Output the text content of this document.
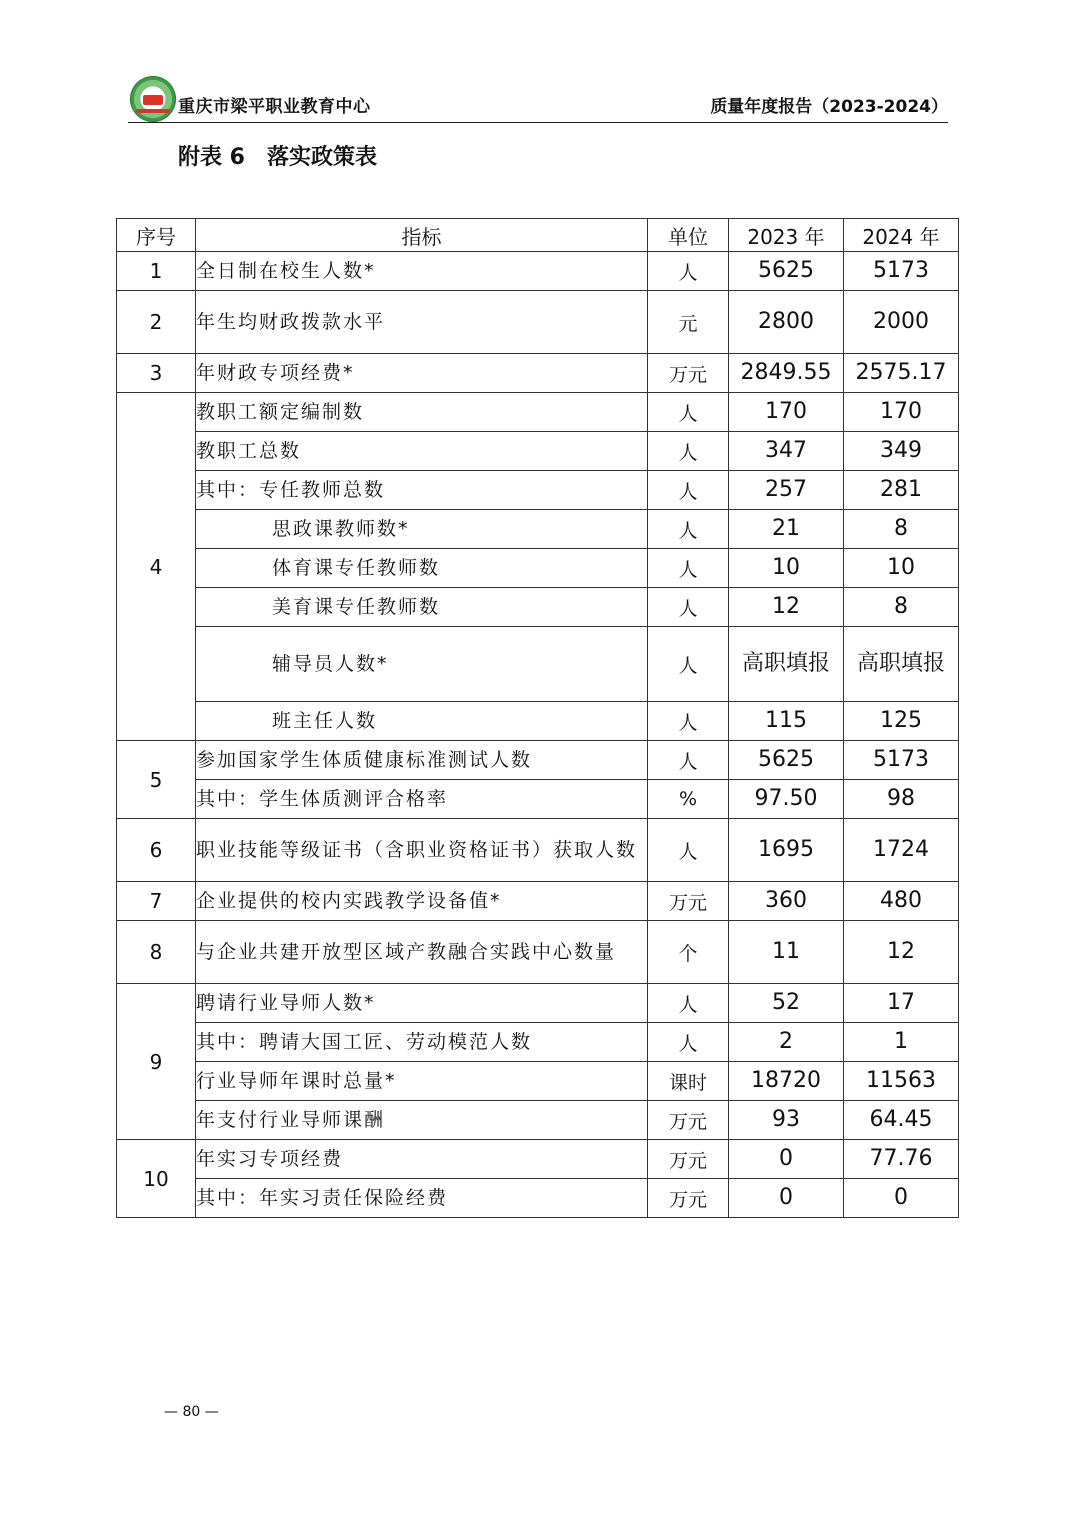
重庆市梁平职业教育中心	质量年度报告（2023-2024）
附表 6　落实政策表
序号	指标	单位	2023 年	2024 年
1	全日制在校生人数*	人	5625	5173
2	年生均财政拨款水平	元	2800	2000
3	年财政专项经费*	万元	2849.55	2575.17
4	教职工额定编制数	人	170	170
	教职工总数	人	347	349
	其中：专任教师总数	人	257	281
	思政课教师数*	人	21	8
	体育课专任教师数	人	10	10
	美育课专任教师数	人	12	8
	辅导员人数*	人	高职填报	高职填报
	班主任人数	人	115	125
5	参加国家学生体质健康标准测试人数	人	5625	5173
	其中：学生体质测评合格率	%	97.50	98
6	职业技能等级证书（含职业资格证书）获取人数	人	1695	1724
7	企业提供的校内实践教学设备值*	万元	360	480
8	与企业共建开放型区域产教融合实践中心数量	个	11	12
9	聘请行业导师人数*	人	52	17
	其中：聘请大国工匠、劳动模范人数	人	2	1
	行业导师年课时总量*	课时	18720	11563
	年支付行业导师课酬	万元	93	64.45
10	年实习专项经费	万元	0	77.76
	其中：年实习责任保险经费	万元	0	0
— 80 —
